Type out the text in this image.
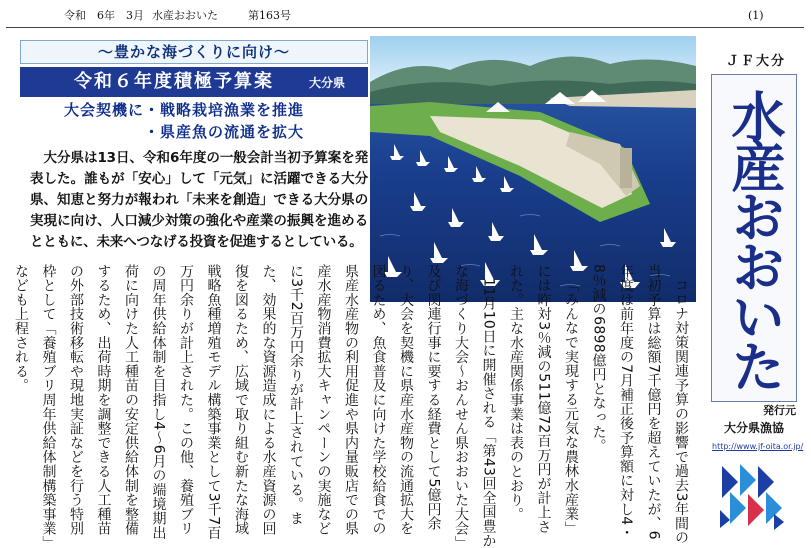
令和　6年　3月 水産おおいた	第163号	(1)
～豊かな海づくりに向け～
令和６年度積極予算案	大分県
大会契機に・戦略栽培漁業を推進
・県産魚の流通を拡大

大分県は13日、令和6年度の一般会計当初予算案を発表した。誰もが「安心」して「元気」に活躍できる大分県、知恵と努力が報われ「未来を創造」できる大分県の実現に向け、人口減少対策の強化や産業の振興を進めるとともに、未来へつなげる投資を促進するとしている。

コロナ対策関連予算の影響で過去3年間の当初予算は総額7千億円を超えていたが、6年度は前年度の7月補正後予算額に対し4・8％減の6898億円となった。

「みんなで実現する元気な農林水産業」には昨対3％減の511億72百万円が計上された。主な水産関係事業は表のとおり。

11月10日に開催される「第43回全国豊かな海づくり大会～おんせん県おおいた大会」及び関連行事に要する経費として5億円余り、大会を契機に県産水産物の流通拡大を図るため、魚食普及に向けた学校給食での県産水産物の利用促進や県内量販店での県産水産物消費拡大キャンペーンの実施などに3千2百万円余りが計上されている。また、効果的な資源造成による水産資源の回復を図るため、広域で取り組む新たな海域戦略魚種増殖モデル構築事業として3千7百万円余りが計上された。この他、養殖ブリの周年供給体制を目指し4～6月の端境期出荷に向けた人工種苗の安定供給体制を整備するため、出荷時期を調整できる人工種苗の外部技術移転や現地実証などを行う特別枠として「養殖ブリ周年供給体制構築事業」なども上程される。

ＪＦ大分
水産おおいた
発行元
大分県漁協
http://www.jf-oita.or.jp/
